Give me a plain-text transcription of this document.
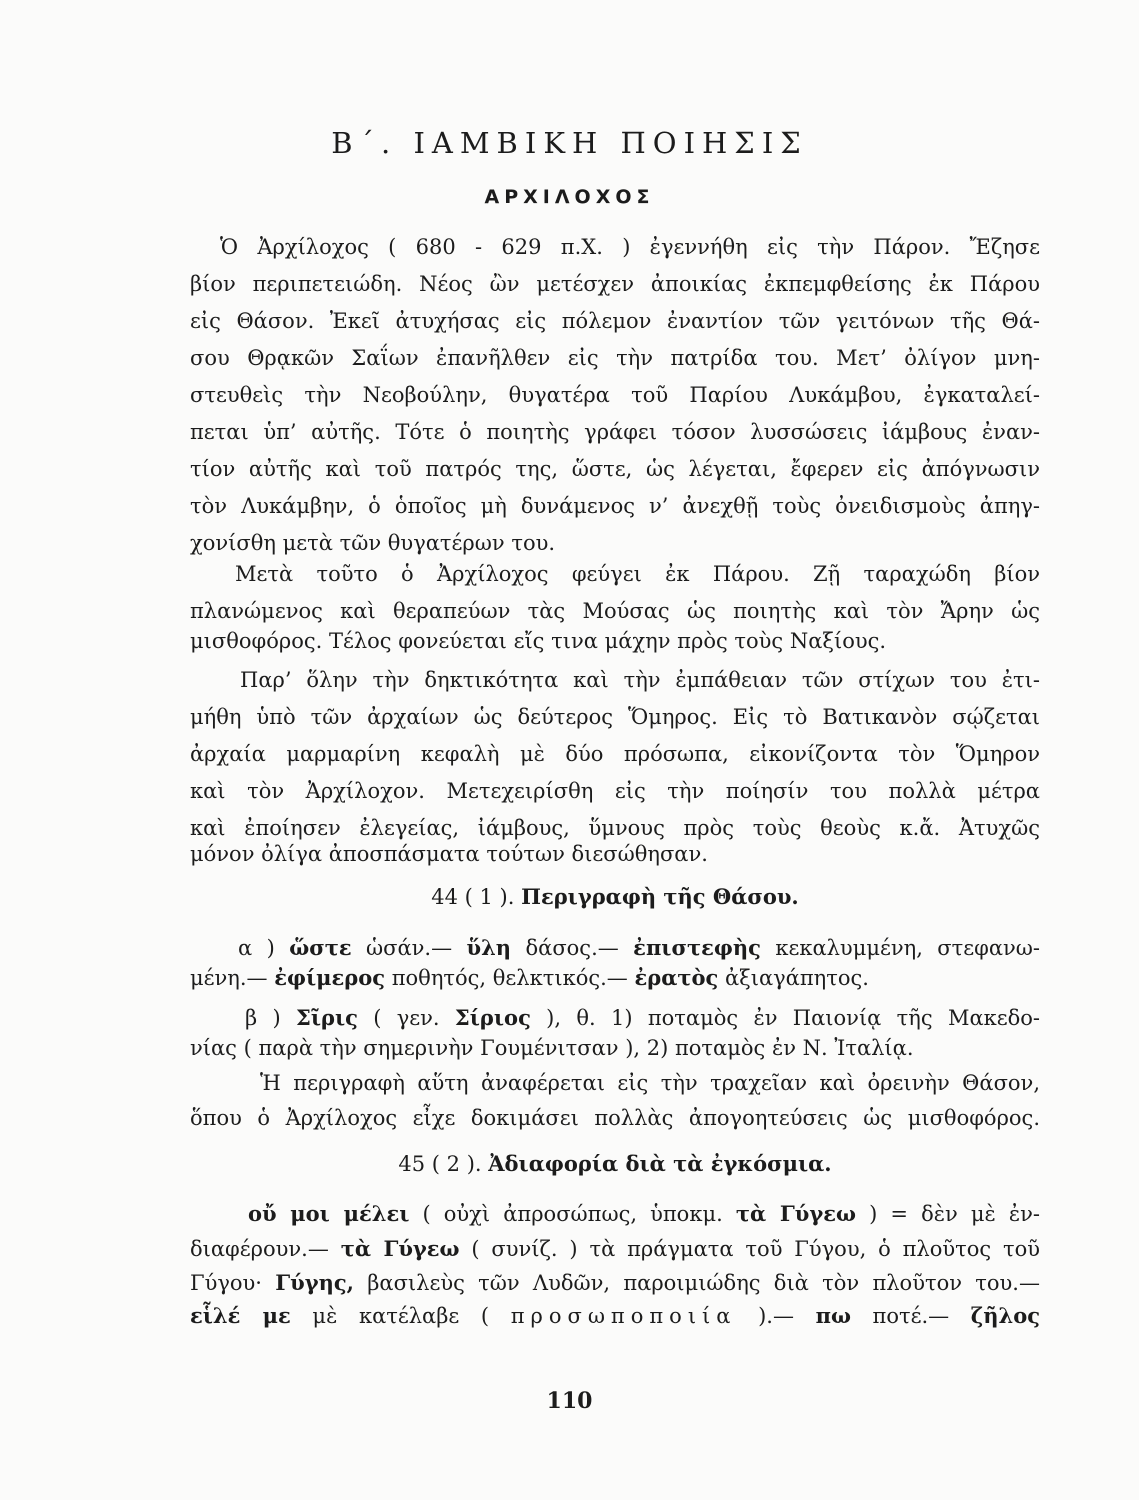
Β΄. ΙΑΜΒΙΚΗ ΠΟΙΗΣΙΣ
ΑΡΧΙΛΟΧΟΣ

Ὁ Ἀρχίλοχος ( 680 - 629 π.Χ. ) ἐγεννήθη εἰς τὴν Πάρον. Ἔζησε

βίον περιπετειώδη. Νέος ὢν μετέσχεν ἀποικίας ἐκπεμφθείσης ἐκ Πάρου

εἰς Θάσον. Ἐκεῖ ἀτυχήσας εἰς πόλεμον ἐναντίον τῶν γειτόνων τῆς Θά-

σου Θρᾳκῶν Σαΐων ἐπανῆλθεν εἰς τὴν πατρίδα του. Μετ’ ὀλίγον μνη-

στευθεὶς τὴν Νεοβούλην, θυγατέρα τοῦ Παρίου Λυκάμβου, ἐγκαταλεί-

πεται ὑπ’ αὐτῆς. Τότε ὁ ποιητὴς γράφει τόσον λυσσώσεις ἰάμβους ἐναν-

τίον αὐτῆς καὶ τοῦ πατρός της, ὥστε, ὡς λέγεται, ἔφερεν εἰς ἀπόγνωσιν

τὸν Λυκάμβην, ὁ ὁποῖος μὴ δυνάμενος ν’ ἀνεχθῇ τοὺς ὀνειδισμοὺς ἀπηγ-

χονίσθη μετὰ τῶν θυγατέρων του.

Μετὰ τοῦτο ὁ Ἀρχίλοχος φεύγει ἐκ Πάρου. Ζῇ ταραχώδη βίον

πλανώμενος καὶ θεραπεύων τὰς Μούσας ὡς ποιητὴς καὶ τὸν Ἄρην ὡς

μισθοφόρος. Τέλος φονεύεται εἴς τινα μάχην πρὸς τοὺς Ναξίους.

Παρ’ ὅλην τὴν δηκτικότητα καὶ τὴν ἐμπάθειαν τῶν στίχων του ἐτι-

μήθη ὑπὸ τῶν ἀρχαίων ὡς δεύτερος Ὅμηρος. Εἰς τὸ Βατικανὸν σῴζεται

ἀρχαία μαρμαρίνη κεφαλὴ μὲ δύο πρόσωπα, εἰκονίζοντα τὸν Ὅμηρον

καὶ τὸν Ἀρχίλοχον. Μετεχειρίσθη εἰς τὴν ποίησίν του πολλὰ μέτρα

καὶ ἐποίησεν ἐλεγείας, ἰάμβους, ὕμνους πρὸς τοὺς θεοὺς κ.ἄ. Ἀτυχῶς

μόνον ὀλίγα ἀποσπάσματα τούτων διεσώθησαν.

44 ( 1 ). Περιγραφὴ τῆς Θάσου.

α ) ὥστε ὡσάν.— ὕλη δάσος.— ἐπιστεφὴς κεκαλυμμένη, στεφανω-

μένη.— ἐφίμερος ποθητός, θελκτικός.— ἐρατὸς ἀξιαγάπητος.

β ) Σῖρις ( γεν. Σίριος ), θ. 1) ποταμὸς ἐν Παιονίᾳ τῆς Μακεδο-

νίας ( παρὰ τὴν σημερινὴν Γουμένιτσαν ), 2) ποταμὸς ἐν Ν. Ἰταλίᾳ.

Ἡ περιγραφὴ αὕτη ἀναφέρεται εἰς τὴν τραχεῖαν καὶ ὀρεινὴν Θάσον,

ὅπου ὁ Ἀρχίλοχος εἶχε δοκιμάσει πολλὰς ἀπογοητεύσεις ὡς μισθοφόρος.

45 ( 2 ). Ἀδιαφορία διὰ τὰ ἐγκόσμια.

οὔ μοι μέλει ( οὐχὶ ἀπροσώπως, ὑποκμ. τὰ Γύγεω ) = δὲν μὲ ἐν-

διαφέρουν.— τὰ Γύγεω ( συνίζ. ) τὰ πράγματα τοῦ Γύγου, ὁ πλοῦτος τοῦ

Γύγου· Γύγης, βασιλεὺς τῶν Λυδῶν, παροιμιώδης διὰ τὸν πλοῦτον του.—

εἷλέ με μὲ κατέλαβε ( προσωποποιία ).— πω ποτέ.— ζῆλος

110
